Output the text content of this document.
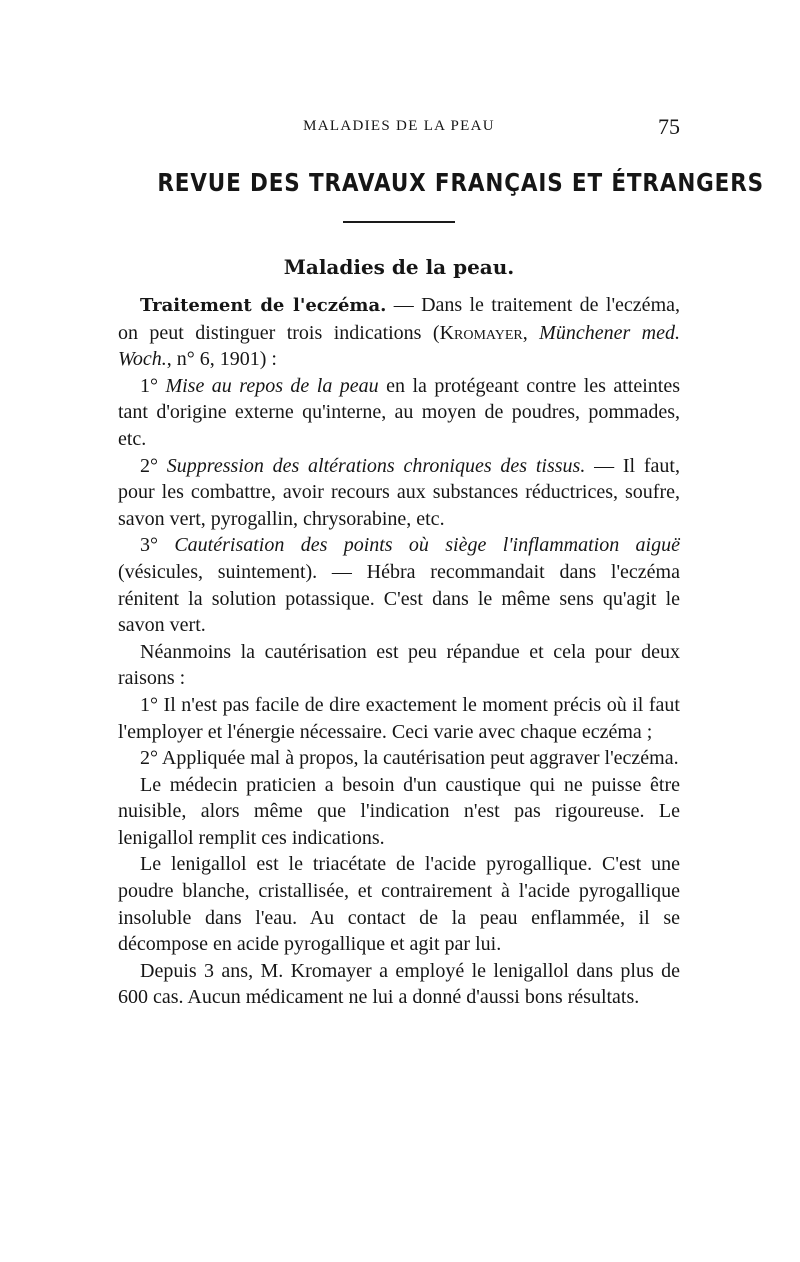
MALADIES DE LA PEAU	75
REVUE DES TRAVAUX FRANÇAIS ET ÉTRANGERS
Maladies de la peau.

Traitement de l'eczéma. — Dans le traitement de l'eczéma, on peut distinguer trois indications (Kromayer, Münchener med. Woch., n° 6, 1901) :

1° Mise au repos de la peau en la protégeant contre les atteintes tant d'origine externe qu'interne, au moyen de poudres, pommades, etc.

2° Suppression des altérations chroniques des tissus. — Il faut, pour les combattre, avoir recours aux substances réductrices, soufre, savon vert, pyrogallin, chrysorabine, etc.

3° Cautérisation des points où siège l'inflammation aiguë (vésicules, suintement). — Hébra recommandait dans l'eczéma rénitent la solution potassique. C'est dans le même sens qu'agit le savon vert.

Néanmoins la cautérisation est peu répandue et cela pour deux raisons :

1° Il n'est pas facile de dire exactement le moment précis où il faut l'employer et l'énergie nécessaire. Ceci varie avec chaque eczéma ;

2° Appliquée mal à propos, la cautérisation peut aggraver l'eczéma.

Le médecin praticien a besoin d'un caustique qui ne puisse être nuisible, alors même que l'indication n'est pas rigoureuse. Le lenigallol remplit ces indications.

Le lenigallol est le triacétate de l'acide pyrogallique. C'est une poudre blanche, cristallisée, et contrairement à l'acide pyrogallique insoluble dans l'eau. Au contact de la peau enflammée, il se décompose en acide pyrogallique et agit par lui.

Depuis 3 ans, M. Kromayer a employé le lenigallol dans plus de 600 cas. Aucun médicament ne lui a donné d'aussi bons résultats.
